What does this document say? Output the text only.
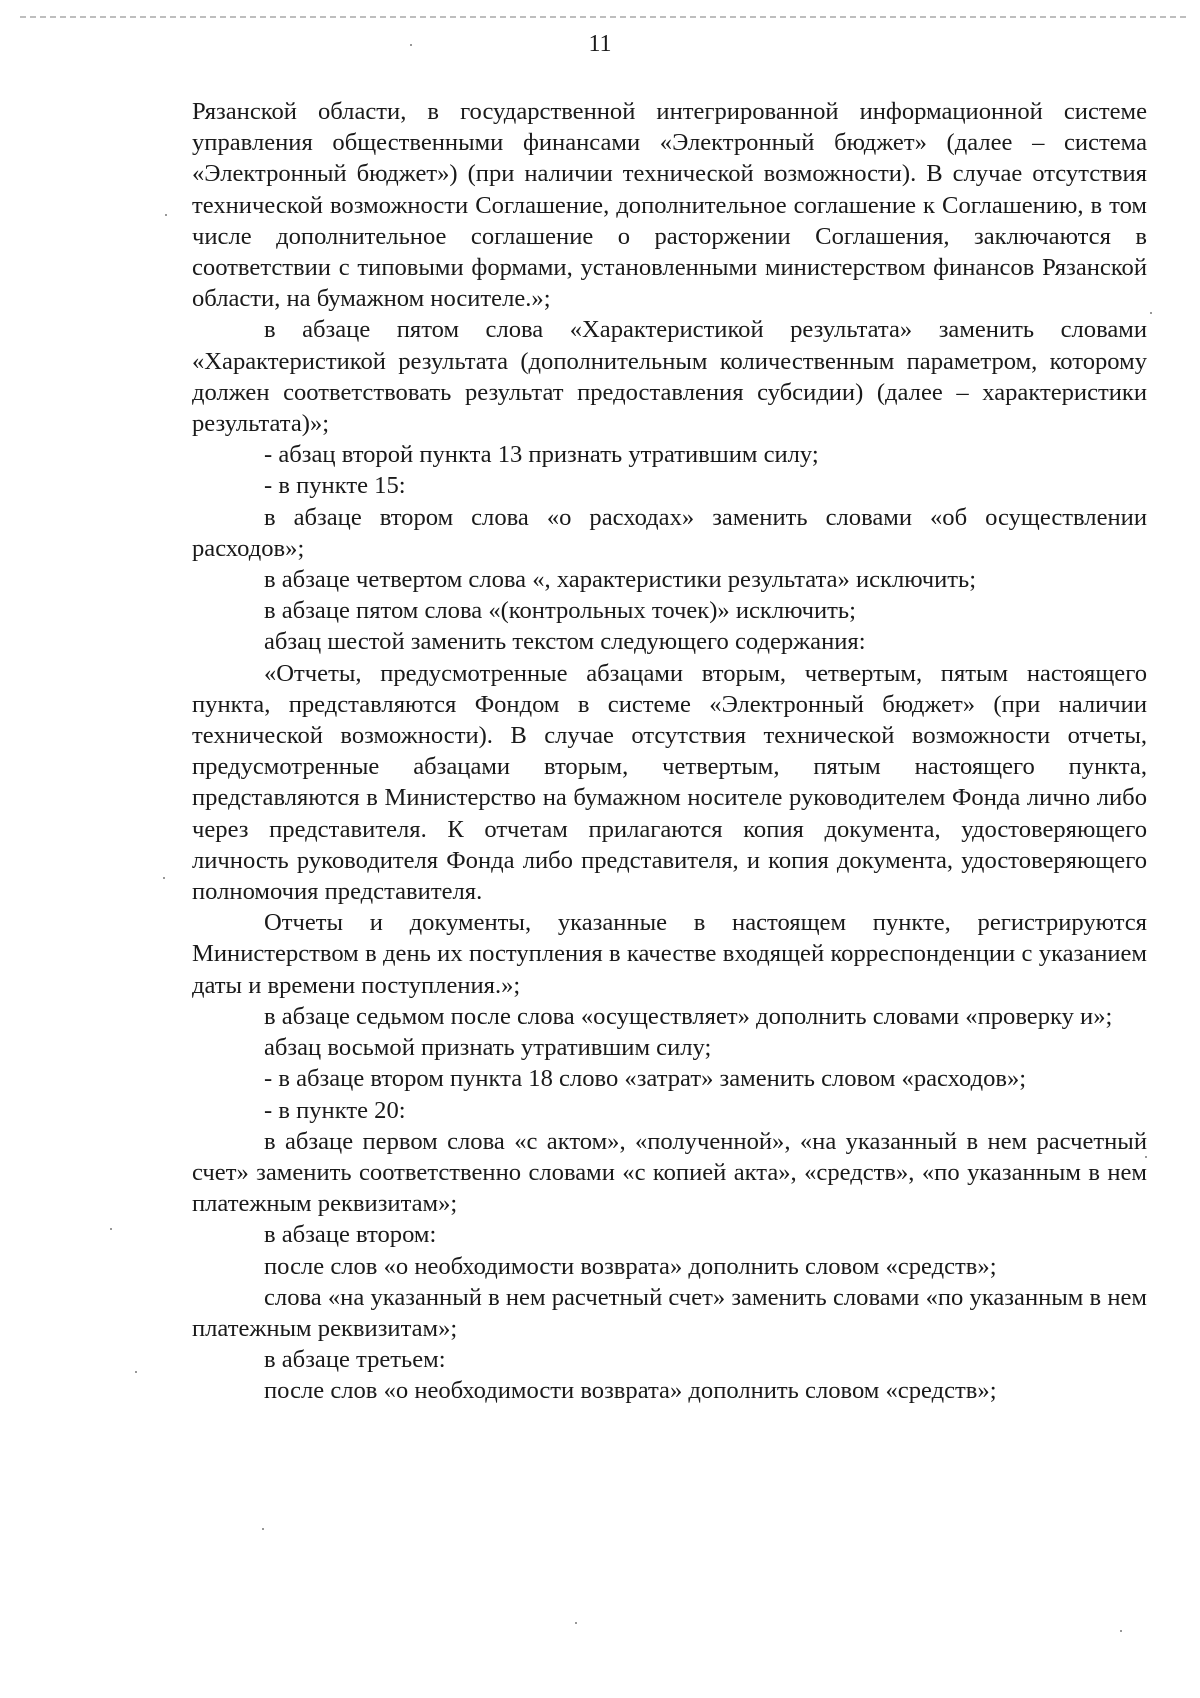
11

Рязанской области, в государственной интегрированной информационной системе управления общественными финансами «Электронный бюджет» (далее – система «Электронный бюджет») (при наличии технической возможности). В случае отсутствия технической возможности Соглашение, дополнительное соглашение к Соглашению, в том числе дополнительное соглашение о расторжении Соглашения, заключаются в соответствии с типовыми формами, установленными министерством финансов Рязанской области, на бумажном носителе.»;

в абзаце пятом слова «Характеристикой результата» заменить словами «Характеристикой результата (дополнительным количественным параметром, которому должен соответствовать результат предоставления субсидии) (далее – характеристики результата)»;

- абзац второй пункта 13 признать утратившим силу;

- в пункте 15:

в абзаце втором слова «о расходах» заменить словами «об осуществлении расходов»;

в абзаце четвертом слова «, характеристики результата» исключить;

в абзаце пятом слова «(контрольных точек)» исключить;

абзац шестой заменить текстом следующего содержания:

«Отчеты, предусмотренные абзацами вторым, четвертым, пятым настоящего пункта, представляются Фондом в системе «Электронный бюджет» (при наличии технической возможности). В случае отсутствия технической возможности отчеты, предусмотренные абзацами вторым, четвертым, пятым настоящего пункта, представляются в Министерство на бумажном носителе руководителем Фонда лично либо через представителя. К отчетам прилагаются копия документа, удостоверяющего личность руководителя Фонда либо представителя, и копия документа, удостоверяющего полномочия представителя.

Отчеты и документы, указанные в настоящем пункте, регистрируются Министерством в день их поступления в качестве входящей корреспонденции с указанием даты и времени поступления.»;

в абзаце седьмом после слова «осуществляет» дополнить словами «проверку и»;

абзац восьмой признать утратившим силу;

- в абзаце втором пункта 18 слово «затрат» заменить словом «расходов»;

- в пункте 20:

в абзаце первом слова «с актом», «полученной», «на указанный в нем расчетный счет» заменить соответственно словами «с копией акта», «средств», «по указанным в нем платежным реквизитам»;

в абзаце втором:

после слов «о необходимости возврата» дополнить словом «средств»;

слова «на указанный в нем расчетный счет» заменить словами «по указанным в нем платежным реквизитам»;

в абзаце третьем:

после слов «о необходимости возврата» дополнить словом «средств»;
